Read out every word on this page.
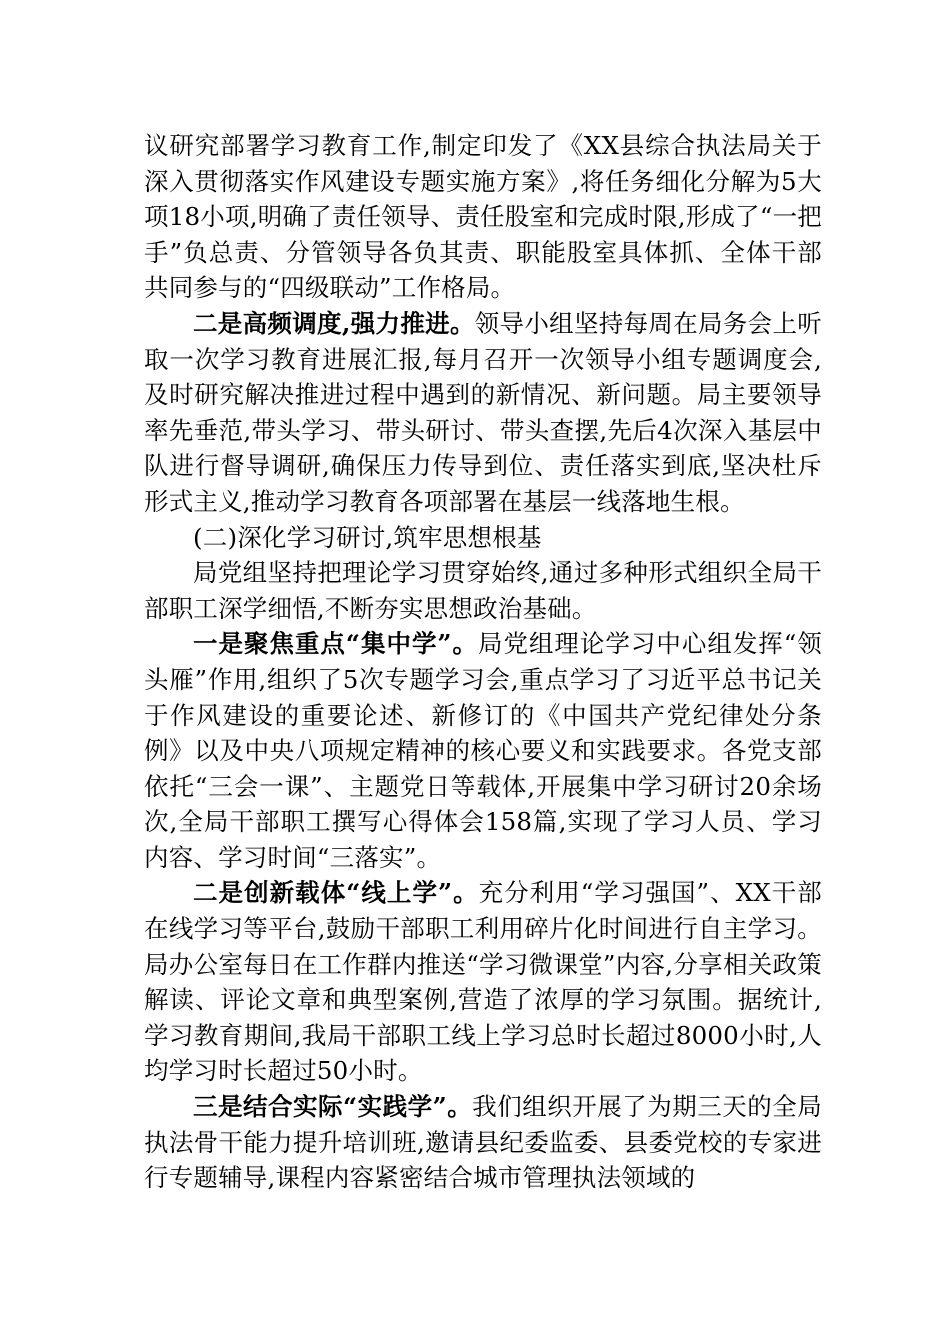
议研究部署学习教育工作,制定印发了《XX县综合执法局关于深入贯彻落实作风建设专题实施方案》,将任务细化分解为5大项18小项,明确了责任领导、责任股室和完成时限,形成了“一把手”负总责、分管领导各负其责、职能股室具体抓、全体干部共同参与的“四级联动”工作格局。

二是高频调度,强力推进。领导小组坚持每周在局务会上听取一次学习教育进展汇报,每月召开一次领导小组专题调度会,及时研究解决推进过程中遇到的新情况、新问题。局主要领导率先垂范,带头学习、带头研讨、带头查摆,先后4次深入基层中队进行督导调研,确保压力传导到位、责任落实到底,坚决杜斥形式主义,推动学习教育各项部署在基层一线落地生根。

(二)深化学习研讨,筑牢思想根基

局党组坚持把理论学习贯穿始终,通过多种形式组织全局干部职工深学细悟,不断夯实思想政治基础。

一是聚焦重点“集中学”。局党组理论学习中心组发挥“领头雁”作用,组织了5次专题学习会,重点学习了习近平总书记关于作风建设的重要论述、新修订的《中国共产党纪律处分条例》以及中央八项规定精神的核心要义和实践要求。各党支部依托“三会一课”、主题党日等载体,开展集中学习研讨20余场次,全局干部职工撰写心得体会158篇,实现了学习人员、学习内容、学习时间“三落实”。

二是创新载体“线上学”。充分利用“学习强国”、XX干部在线学习等平台,鼓励干部职工利用碎片化时间进行自主学习。局办公室每日在工作群内推送“学习微课堂”内容,分享相关政策解读、评论文章和典型案例,营造了浓厚的学习氛围。据统计,学习教育期间,我局干部职工线上学习总时长超过8000小时,人均学习时长超过50小时。

三是结合实际“实践学”。我们组织开展了为期三天的全局执法骨干能力提升培训班,邀请县纪委监委、县委党校的专家进行专题辅导,课程内容紧密结合城市管理执法领域的
